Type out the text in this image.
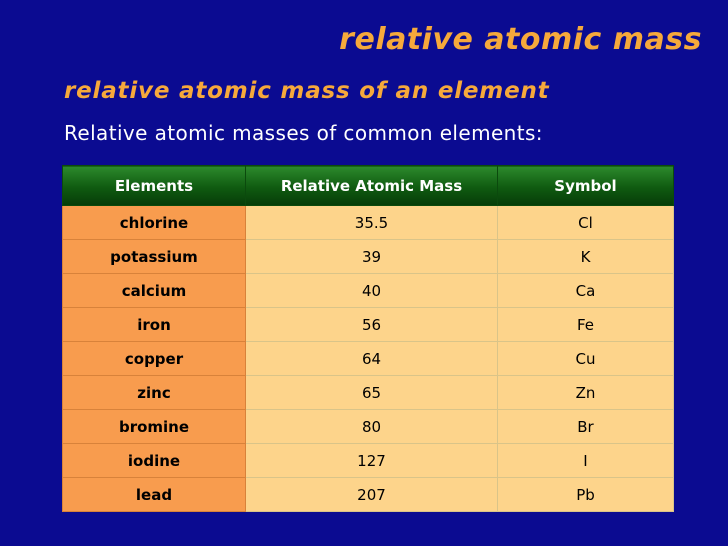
relative atomic mass
relative atomic mass of an element
Relative atomic masses of common elements:
Elements	Relative Atomic Mass	Symbol
chlorine	35.5	Cl
potassium	39	K
calcium	40	Ca
iron	56	Fe
copper	64	Cu
zinc	65	Zn
bromine	80	Br
iodine	127	I
lead	207	Pb
